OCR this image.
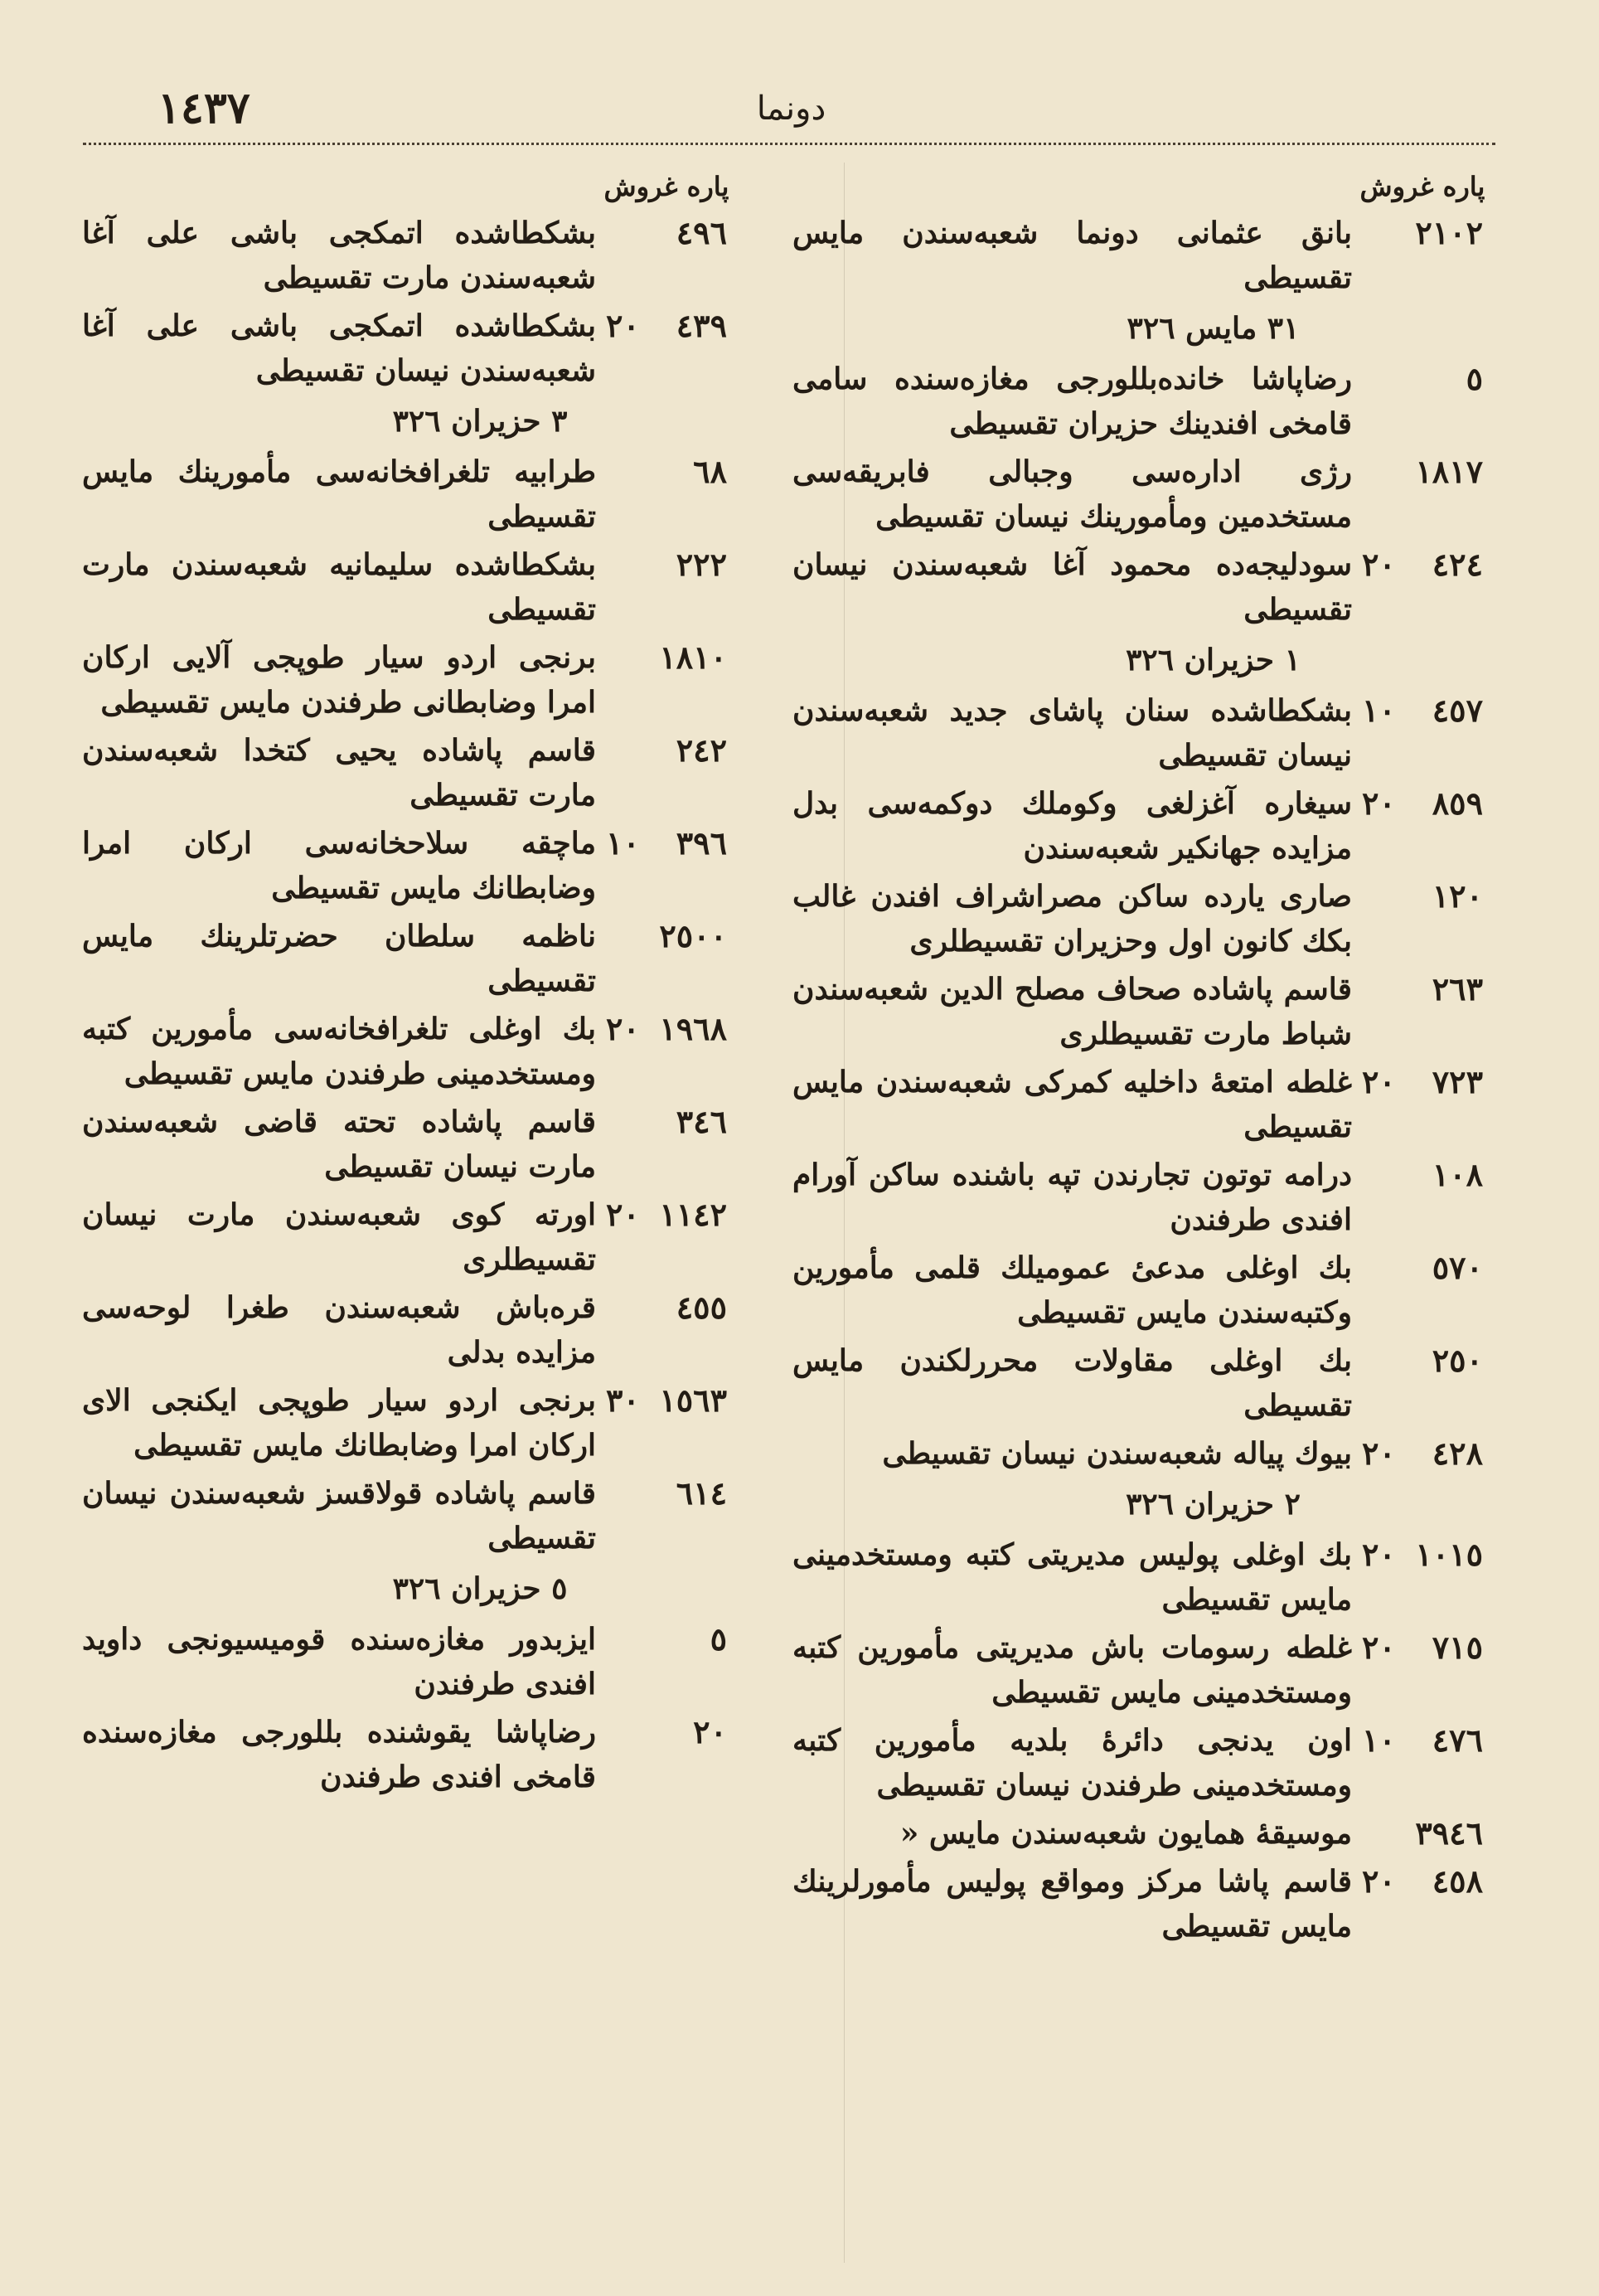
١٤٣٧	دونما
پاره غروش
٢١٠٢
بانق عثمانی دونما شعبه‌سندن مایس تقسیطی
٣١ مایس ٣٢٦
٥
رضاپاشا خانده‌بللورجی مغازه‌سنده سامی قامخی افندینك حزیران تقسیطی
١٨١٧
رژی اداره‌سی وجبالی فابریقه‌سی مستخدمین ومأمورینك نیسان تقسیطی
٤٢٤
٢٠
سودلیجه‌ده محمود آغا شعبه‌سندن نیسان تقسیطی
١ حزیران ٣٢٦
٤٥٧
١٠
بشکطاشده سنان پاشای جدید شعبه‌سندن نیسان تقسیطی
٨٥٩
٢٠
سیغاره آغزلغی وکوملك دوکمه‌سی بدل مزایده جهانکیر شعبه‌سندن
١٢٠
صاری یارده ساکن مصراشراف افندن غالب بکك کانون اول وحزیران تقسیطلری
٢٦٣
قاسم پاشاده صحاف مصلح الدین شعبه‌سندن شباط مارت تقسیطلری
٧٢٣
٢٠
غلطه امتعهٔ داخلیه کمرکی شعبه‌سندن مایس تقسیطی
١٠٨
درامه توتون تجارندن تپه باشنده ساکن آورام افندی طرفندن
٥٧٠
بك اوغلی مدعیٔ عمومیلك قلمی مأمورین وکتبه‌سندن مایس تقسیطی
٢٥٠
بك اوغلی مقاولات محررلکندن مایس تقسیطی
٤٢٨
٢٠
بیوك پیاله شعبه‌سندن نیسان تقسیطی
٢ حزیران ٣٢٦
١٠١٥
٢٠
بك اوغلی پولیس مدیریتی کتبه ومستخدمینی مایس تقسیطی
٧١٥
٢٠
غلطه رسومات باش مدیریتی مأمورین کتبه ومستخدمینی مایس تقسیطی
٤٧٦
١٠
اون یدنجی دائرهٔ بلدیه مأمورین کتبه ومستخدمینی طرفندن نیسان تقسیطی
٣٩٤٦
موسیقهٔ همایون شعبه‌سندن مایس «
٤٥٨
٢٠
قاسم پاشا مرکز ومواقع پولیس مأمورلرینك مایس تقسیطی
پاره غروش
٤٩٦
بشکطاشده اتمکجی باشی علی آغا شعبه‌سندن مارت تقسیطی
٤٣٩
٢٠
بشکطاشده اتمکجی باشی علی آغا شعبه‌سندن نیسان تقسیطی
٣ حزیران ٣٢٦
٦٨
طرابیه تلغرافخانه‌سی مأمورینك مایس تقسیطی
٢٢٢
بشکطاشده سلیمانیه شعبه‌سندن مارت تقسیطی
١٨١٠
برنجی اردو سیار طوپجی آلایی ارکان امرا وضابطانی طرفندن مایس تقسیطی
٢٤٢
قاسم پاشاده یحیی کتخدا شعبه‌سندن مارت تقسیطی
٣٩٦
١٠
ماچقه سلاحخانه‌سی ارکان امرا وضابطانك مایس تقسیطی
٢٥٠٠
ناظمه سلطان حضرتلرینك مایس تقسیطی
١٩٦٨
٢٠
بك اوغلی تلغرافخانه‌سی مأمورین کتبه ومستخدمینی طرفندن مایس تقسیطی
٣٤٦
قاسم پاشاده تحته قاضی شعبه‌سندن مارت نیسان تقسیطی
١١٤٢
٢٠
اورته کوی شعبه‌سندن مارت نیسان تقسیطلری
٤٥٥
قره‌باش شعبه‌سندن طغرا لوحه‌سی مزایده بدلی
١٥٦٣
٣٠
برنجی اردو سیار طوپجی ایکنجی الای ارکان امرا وضابطانك مایس تقسیطی
٦١٤
قاسم پاشاده قولاقسز شعبه‌سندن نیسان تقسیطی
٥ حزیران ٣٢٦
٥
ایزبدور مغازه‌سنده قومیسیونجی داوید افندی طرفندن
٢٠
رضاپاشا یقوشنده بللورجی مغازه‌سنده قامخی افندی طرفندن
